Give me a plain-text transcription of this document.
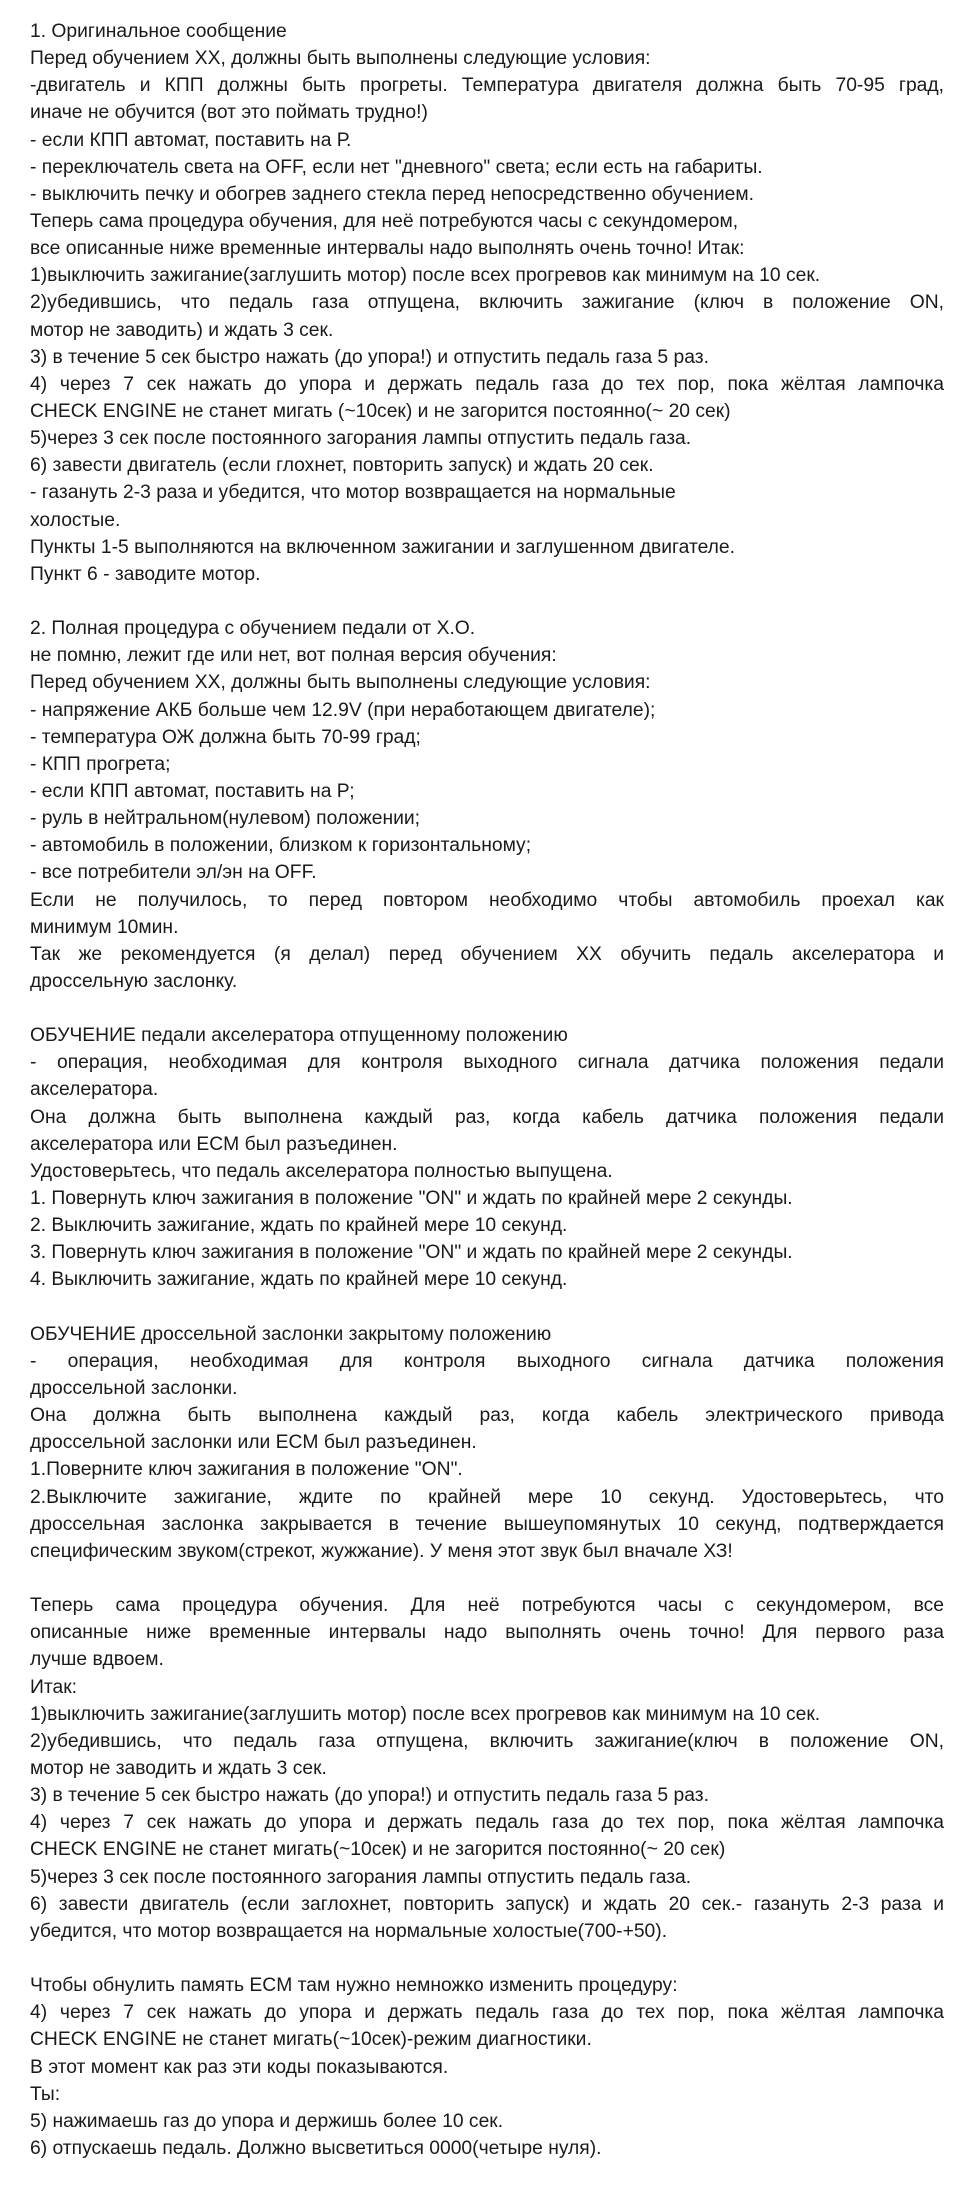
1. Оригинальное сообщение
Перед обучением ХХ, должны быть выполнены следующие условия:
-двигатель и КПП должны быть прогреты. Температура двигателя должна быть 70-95 град,
иначе не обучится (вот это поймать трудно!)
- если КПП автомат, поставить на Р.
- переключатель света на OFF, если нет "дневного" света; если есть на габариты.
- выключить печку и обогрев заднего стекла перед непосредственно обучением.
Теперь сама процедура обучения, для неё потребуются часы с секундомером,
все описанные ниже временные интервалы надо выполнять очень точно! Итак:
1)выключить зажигание(заглушить мотор) после всех прогревов как минимум на 10 сек.
2)убедившись, что педаль газа отпущена, включить зажигание (ключ в положение ON,
мотор не заводить) и ждать 3 сек.
3) в течение 5 сек быстро нажать (до упора!) и отпустить педаль газа 5 раз.
4) через 7 сек нажать до упора и держать педаль газа до тех пор, пока жёлтая лампочка
CHECK ENGINE не станет мигать (~10сек) и не загорится постоянно(~ 20 сек)
5)через 3 сек после постоянного загорания лампы отпустить педаль газа.
6) завести двигатель (если глохнет, повторить запуск) и ждать 20 сек.
- газануть 2-3 раза и убедится, что мотор возвращается на нормальные
холостые.
Пункты 1-5 выполняются на включенном зажигании и заглушенном двигателе.
Пункт 6 - заводите мотор.
2. Полная процедура с обучением педали от Х.О.
не помню, лежит где или нет, вот полная версия обучения:
Перед обучением ХХ, должны быть выполнены следующие условия:
- напряжение АКБ больше чем 12.9V (при неработающем двигателе);
- температура ОЖ должна быть 70-99 град;
- КПП прогрета;
- если КПП автомат, поставить на Р;
- руль в нейтральном(нулевом) положении;
- автомобиль в положении, близком к горизонтальному;
- все потребители эл/эн на OFF.
Если не получилось, то перед повтором необходимо чтобы автомобиль проехал как
минимум 10мин.
Так же рекомендуется (я делал) перед обучением ХХ обучить педаль акселератора и
дроссельную заслонку.
ОБУЧЕНИЕ педали акселератора отпущенному положению
- операция, необходимая для контроля выходного сигнала датчика положения педали
акселератора.
Она должна быть выполнена каждый раз, когда кабель датчика положения педали
акселератора или ECM был разъединен.
Удостоверьтесь, что педаль акселератора полностью выпущена.
1. Повернуть ключ зажигания в положение "ON" и ждать по крайней мере 2 секунды.
2. Выключить зажигание, ждать по крайней мере 10 секунд.
3. Повернуть ключ зажигания в положение "ON" и ждать по крайней мере 2 секунды.
4. Выключить зажигание, ждать по крайней мере 10 секунд.
ОБУЧЕНИЕ дроссельной заслонки закрытому положению
- операция, необходимая для контроля выходного сигнала датчика положения
дроссельной заслонки.
Она должна быть выполнена каждый раз, когда кабель электрического привода
дроссельной заслонки или ECM был разъединен.
1.Поверните ключ зажигания в положение "ON".
2.Выключите зажигание, ждите по крайней мере 10 секунд. Удостоверьтесь, что
дроссельная заслонка закрывается в течение вышеупомянутых 10 секунд, подтверждается
специфическим звуком(стрекот, жужжание). У меня этот звук был вначале ХЗ!
Теперь сама процедура обучения. Для неё потребуются часы с секундомером, все
описанные ниже временные интервалы надо выполнять очень точно! Для первого раза
лучше вдвоем.
Итак:
1)выключить зажигание(заглушить мотор) после всех прогревов как минимум на 10 сек.
2)убедившись, что педаль газа отпущена, включить зажигание(ключ в положение ON,
мотор не заводить и ждать 3 сек.
3) в течение 5 сек быстро нажать (до упора!) и отпустить педаль газа 5 раз.
4) через 7 сек нажать до упора и держать педаль газа до тех пор, пока жёлтая лампочка
CHECK ENGINE не станет мигать(~10сек) и не загорится постоянно(~ 20 сек)
5)через 3 сек после постоянного загорания лампы отпустить педаль газа.
6) завести двигатель (если заглохнет, повторить запуск) и ждать 20 сек.- газануть 2-3 раза и
убедится, что мотор возвращается на нормальные холостые(700-+50).
Чтобы обнулить память ECM там нужно немножко изменить процедуру:
4) через 7 сек нажать до упора и держать педаль газа до тех пор, пока жёлтая лампочка
CHECK ENGINE не станет мигать(~10сек)-режим диагностики.
В этот момент как раз эти коды показываются.
Ты:
5) нажимаешь газ до упора и держишь более 10 сек.
6) отпускаешь педаль. Должно высветиться 0000(четыре нуля).
